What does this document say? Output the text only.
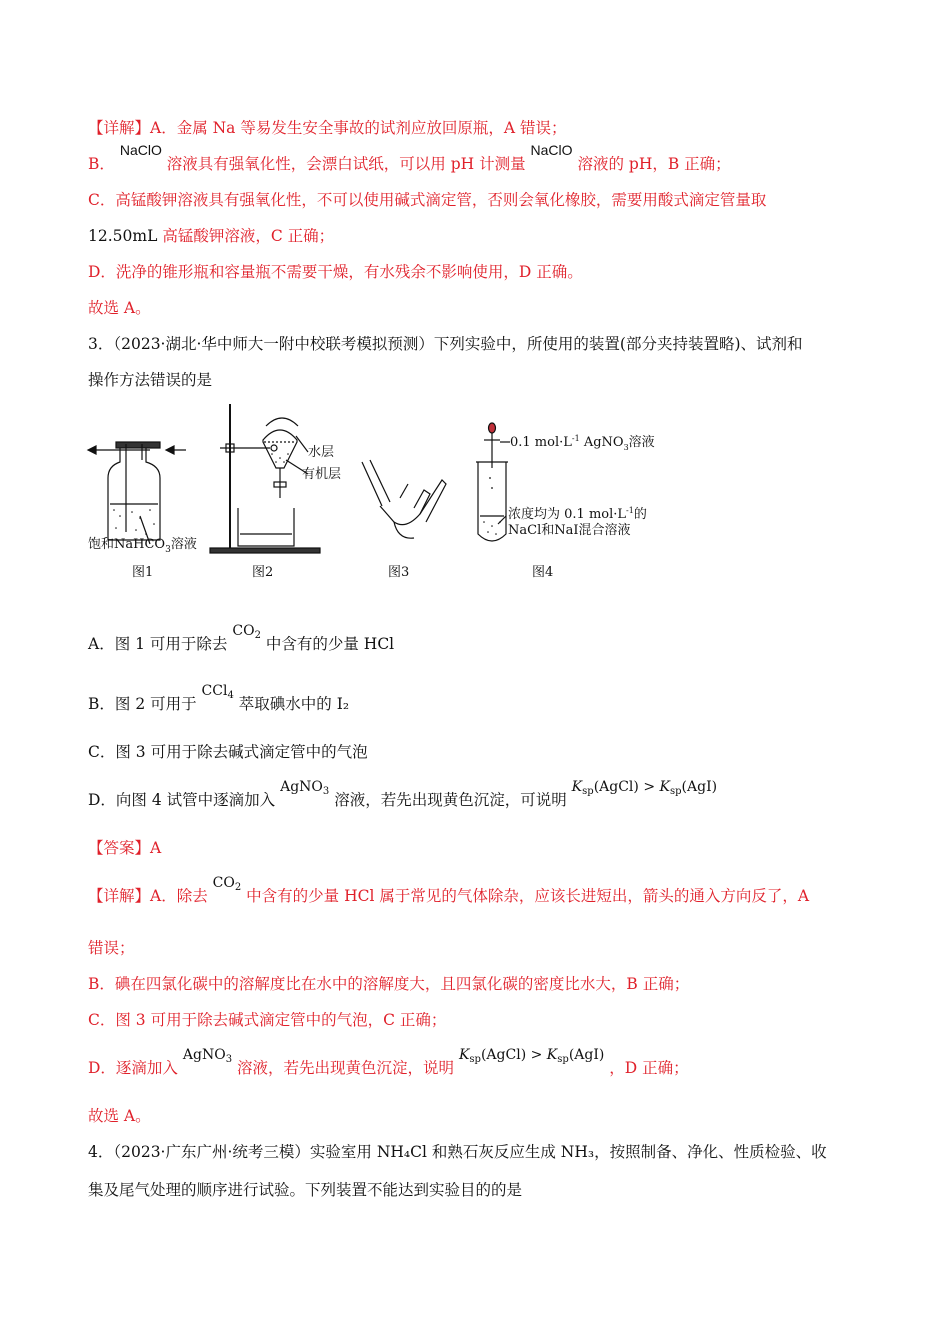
【详解】A．金属 Na 等易发生安全事故的试剂应放回原瓶，A 错误；
B． NaClO 溶液具有强氧化性，会漂白试纸，可以用 pH 计测量 NaClO 溶液的 pH，B 正确；
C．高锰酸钾溶液具有强氧化性，不可以使用碱式滴定管，否则会氧化橡胶，需要用酸式滴定管量取
12.50mL 高锰酸钾溶液，C 正确；
D．洗净的锥形瓶和容量瓶不需要干燥，有水残余不影响使用，D 正确。
故选 A。
3．（2023·湖北·华中师大一附中校联考模拟预测）下列实验中，所使用的装置(部分夹持装置略)、试剂和
操作方法错误的是
饱和NaHCO$_3$溶液
图1
水层
有机层
图2	图3
0.1 $mol\cdot L^{-1}$ AgNO$_3$溶液
浓度均为 0.1 $mol\cdot L^{-1}$的
NaCl和NaI混合溶液
图4
A．图 1 可用于除去 $CO_2$ 中含有的少量 HCl
B．图 2 可用于 CCl$_4$ 萃取碘水中的 I₂
C．图 3 可用于除去碱式滴定管中的气泡
D．向图 4 试管中逐滴加入 AgNO$_3$ 溶液，若先出现黄色沉淀，可说明 $K_{sp}(AgCl) > K_{sp}(AgI)$
【答案】A
【详解】A．除去 $CO_2$ 中含有的少量 HCl 属于常见的气体除杂，应该长进短出，箭头的通入方向反了，A
错误；
B．碘在四氯化碳中的溶解度比在水中的溶解度大，且四氯化碳的密度比水大，B 正确；
C．图 3 可用于除去碱式滴定管中的气泡，C 正确；
D．逐滴加入 AgNO$_3$ 溶液，若先出现黄色沉淀，说明 $K_{sp}(AgCl) > K_{sp}(AgI)$ ，D 正确；
故选 A。
4．（2023·广东广州·统考三模）实验室用 NH₄Cl 和熟石灰反应生成 NH₃，按照制备、净化、性质检验、收
集及尾气处理的顺序进行试验。下列装置不能达到实验目的的是
